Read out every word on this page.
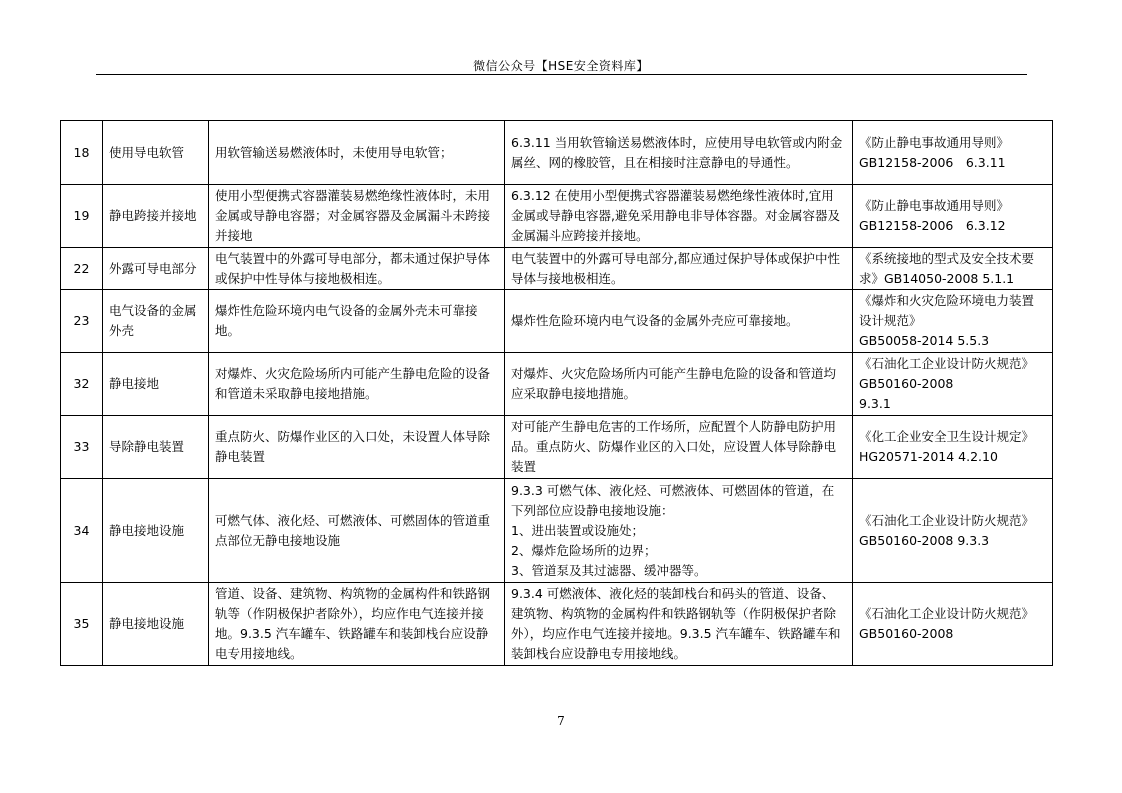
微信公众号【HSE安全资料库】
18	使用导电软管	用软管输送易燃液体时，未使用导电软管；	6.3.11 当用软管输送易燃液体时，应使用导电软管或内附金属丝、网的橡胶管，且在相接时注意静电的导通性。	《防止静电事故通用导则》
GB12158-2006　6.3.11
19	静电跨接并接地	使用小型便携式容器灌装易燃绝缘性液体时，未用金属或导静电容器；对金属容器及金属漏斗未跨接并接地	6.3.12 在使用小型便携式容器灌装易燃绝缘性液体时,宜用金属或导静电容器,避免采用静电非导体容器。对金属容器及金属漏斗应跨接并接地。	《防止静电事故通用导则》
GB12158-2006　6.3.12
22	外露可导电部分	电气装置中的外露可导电部分，都未通过保护导体或保护中性导体与接地极相连。	电气装置中的外露可导电部分,都应通过保护导体或保护中性导体与接地极相连。	《系统接地的型式及安全技术要求》GB14050-2008 5.1.1
23	电气设备的金属外壳	爆炸性危险环境内电气设备的金属外壳未可靠接地。	爆炸性危险环境内电气设备的金属外壳应可靠接地。	《爆炸和火灾危险环境电力装置设计规范》
GB50058-2014 5.5.3
32	静电接地	对爆炸、火灾危险场所内可能产生静电危险的设备和管道未采取静电接地措施。	对爆炸、火灾危险场所内可能产生静电危险的设备和管道均应采取静电接地措施。	《石油化工企业设计防火规范》
GB50160-2008
9.3.1
33	导除静电装置	重点防火、防爆作业区的入口处，未设置人体导除静电装置	对可能产生静电危害的工作场所，应配置个人防静电防护用品。重点防火、防爆作业区的入口处，应设置人体导除静电装置	《化工企业安全卫生设计规定》
HG20571-2014 4.2.10
34	静电接地设施	可燃气体、液化烃、可燃液体、可燃固体的管道重点部位无静电接地设施	9.3.3 可燃气体、液化烃、可燃液体、可燃固体的管道，在下列部位应设静电接地设施：
1、进出装置或设施处；
2、爆炸危险场所的边界；
3、管道泵及其过滤器、缓冲器等。	《石油化工企业设计防火规范》
GB50160-2008 9.3.3
35	静电接地设施	管道、设备、建筑物、构筑物的金属构件和铁路钢轨等（作阴极保护者除外），均应作电气连接并接地。9.3.5 汽车罐车、铁路罐车和装卸栈台应设静电专用接地线。	9.3.4 可燃液体、液化烃的装卸栈台和码头的管道、设备、建筑物、构筑物的金属构件和铁路钢轨等（作阴极保护者除外），均应作电气连接并接地。9.3.5 汽车罐车、铁路罐车和装卸栈台应设静电专用接地线。	《石油化工企业设计防火规范》
GB50160-2008
7
